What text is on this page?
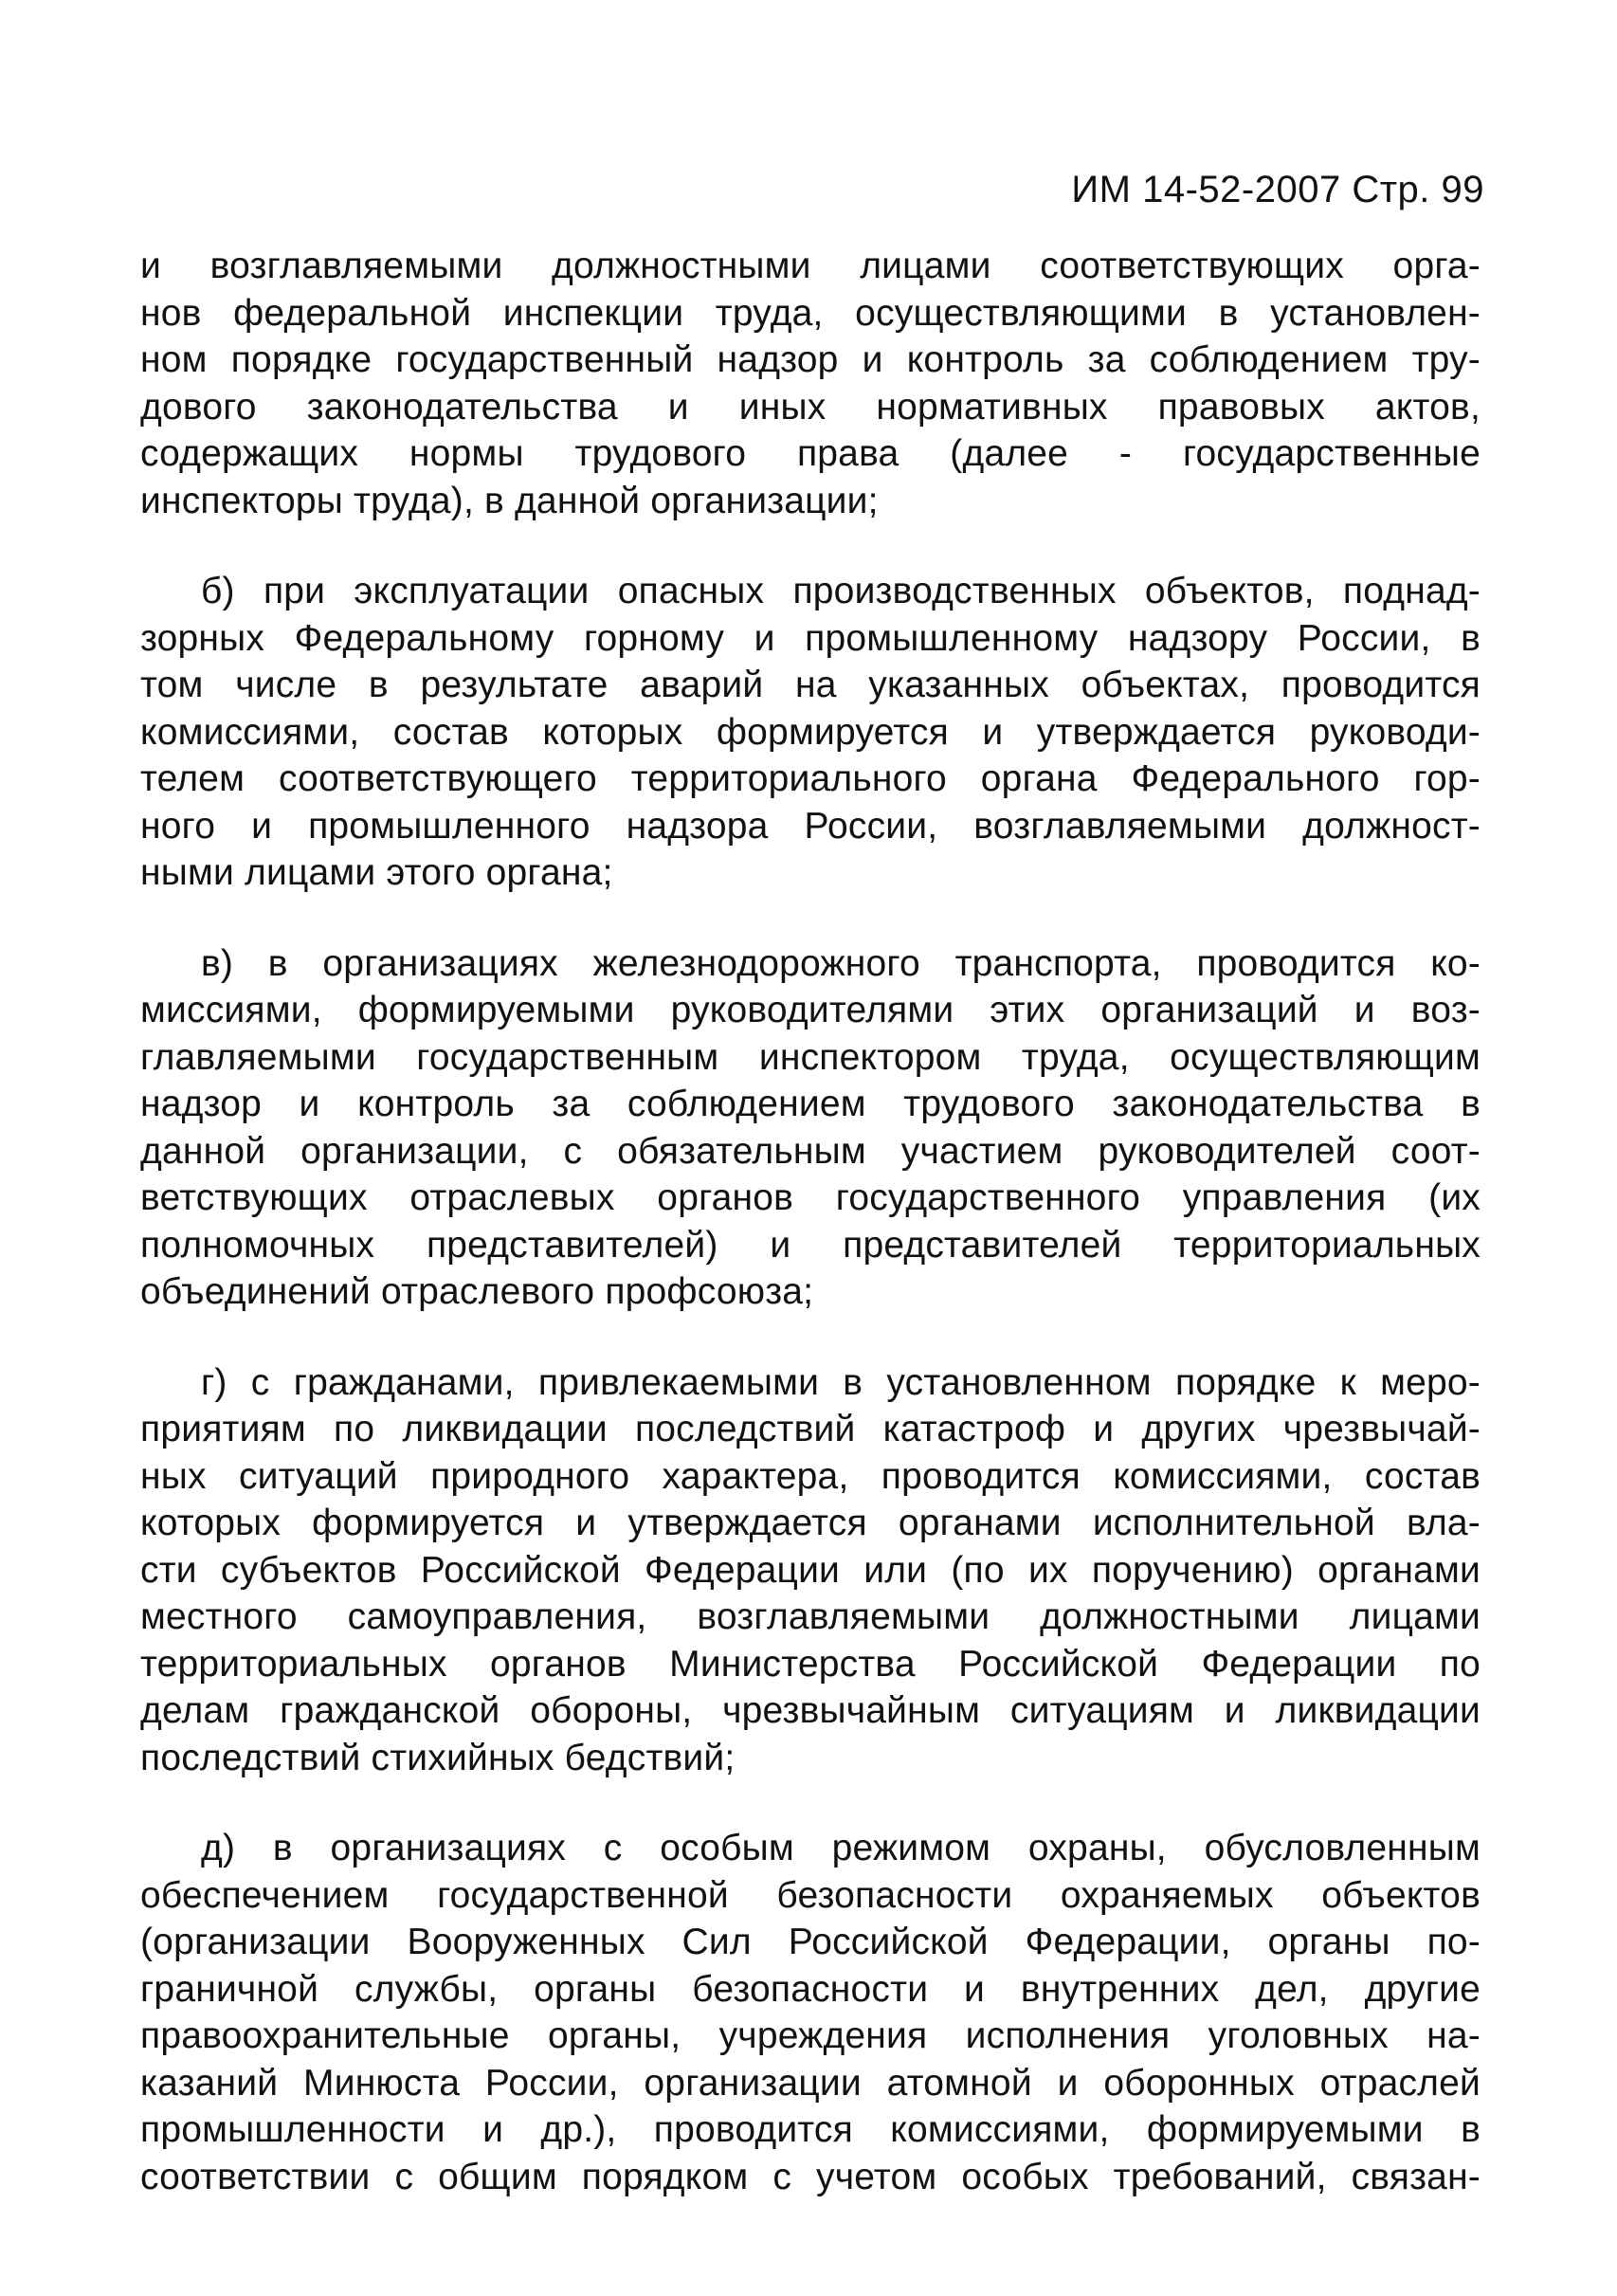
ИМ 14-52-2007 Стр. 99
и возглавляемыми должностными лицами соответствующих орга-
нов федеральной инспекции труда, осуществляющими в установлен-
ном порядке государственный надзор и контроль за соблюдением тру-
дового законодательства и иных нормативных правовых актов,
содержащих нормы трудового права (далее - государственные
инспекторы труда), в данной организации;
б) при эксплуатации опасных производственных объектов, поднад-
зорных Федеральному горному и промышленному надзору России, в
том числе в результате аварий на указанных объектах, проводится
комиссиями, состав которых формируется и утверждается руководи-
телем соответствующего территориального органа Федерального гор-
ного и промышленного надзора России, возглавляемыми должност-
ными лицами этого органа;
в) в организациях железнодорожного транспорта, проводится ко-
миссиями, формируемыми руководителями этих организаций и воз-
главляемыми государственным инспектором труда, осуществляющим
надзор и контроль за соблюдением трудового законодательства в
данной организации, с обязательным участием руководителей соот-
ветствующих отраслевых органов государственного управления (их
полномочных представителей) и представителей территориальных
объединений отраслевого профсоюза;
г) с гражданами, привлекаемыми в установленном порядке к меро-
приятиям по ликвидации последствий катастроф и других чрезвычай-
ных ситуаций природного характера, проводится комиссиями, состав
которых формируется и утверждается органами исполнительной вла-
сти субъектов Российской Федерации или (по их поручению) органами
местного самоуправления, возглавляемыми должностными лицами
территориальных органов Министерства Российской Федерации по
делам гражданской обороны, чрезвычайным ситуациям и ликвидации
последствий стихийных бедствий;
д) в организациях с особым режимом охраны, обусловленным
обеспечением государственной безопасности охраняемых объектов
(организации Вооруженных Сил Российской Федерации, органы по-
граничной службы, органы безопасности и внутренних дел, другие
правоохранительные органы, учреждения исполнения уголовных на-
казаний Минюста России, организации атомной и оборонных отраслей
промышленности и др.), проводится комиссиями, формируемыми в
соответствии с общим порядком с учетом особых требований, связан-
